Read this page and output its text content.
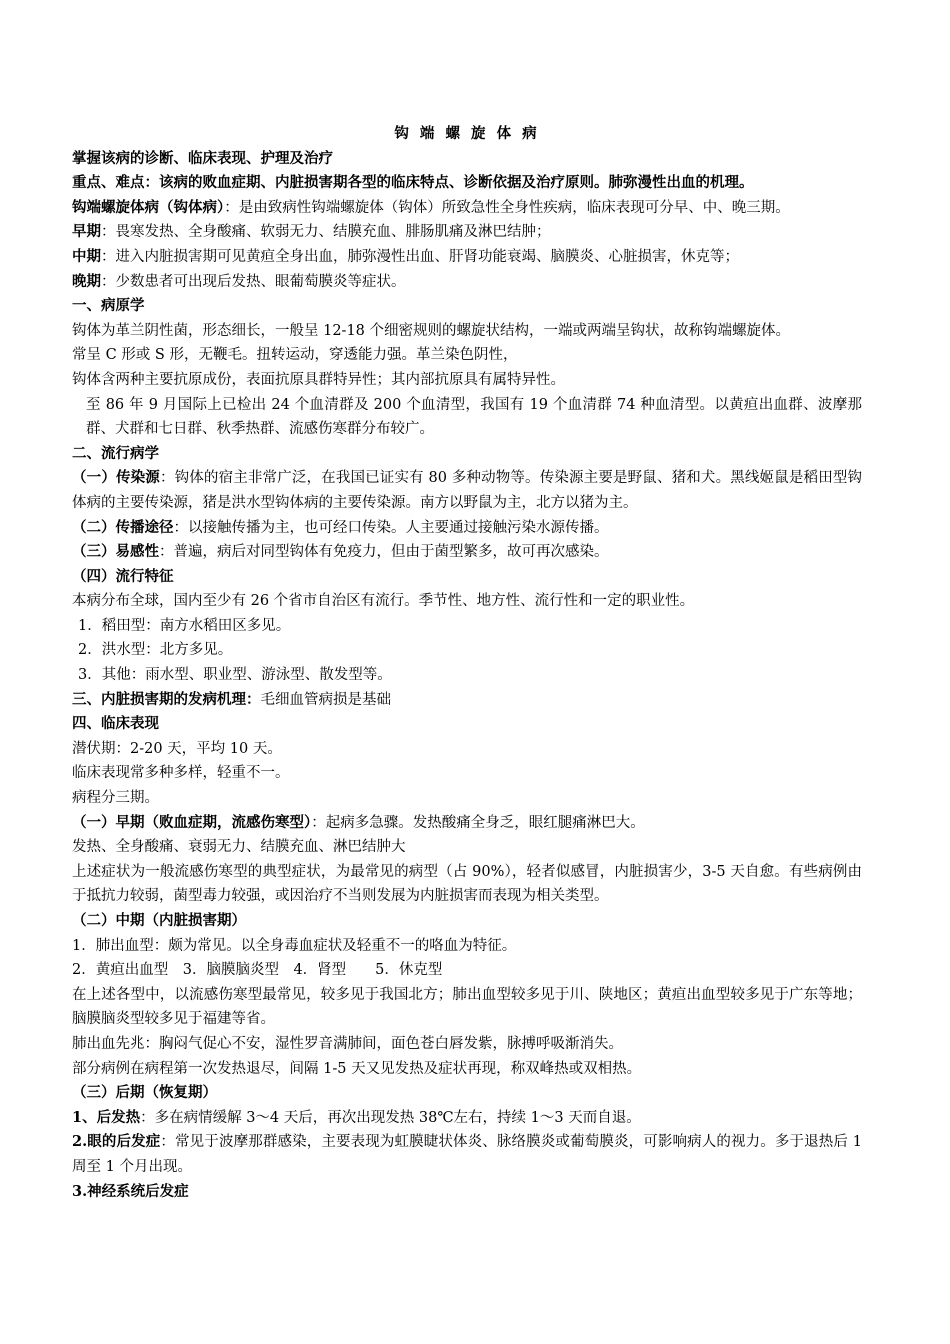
钩 端 螺 旋 体 病
掌握该病的诊断、临床表现、护理及治疗
重点、难点：该病的败血症期、内脏损害期各型的临床特点、诊断依据及治疗原则。肺弥漫性出血的机理。
钩端螺旋体病（钩体病）：是由致病性钩端螺旋体（钩体）所致急性全身性疾病，临床表现可分早、中、晚三期。
早期：畏寒发热、全身酸痛、软弱无力、结膜充血、腓肠肌痛及淋巴结肿；
中期：进入内脏损害期可见黄疸全身出血，肺弥漫性出血、肝肾功能衰竭、脑膜炎、心脏损害，休克等；
晚期：少数患者可出现后发热、眼葡萄膜炎等症状。
一、病原学
钩体为革兰阴性菌，形态细长，一般呈 12-18 个细密规则的螺旋状结构，一端或两端呈钩状，故称钩端螺旋体。
常呈 C 形或 S 形，无鞭毛。扭转运动，穿透能力强。革兰染色阴性，
钩体含两种主要抗原成份，表面抗原具群特异性；其内部抗原具有属特异性。
至 86 年 9 月国际上已检出 24 个血清群及 200 个血清型，我国有 19 个血清群 74 种血清型。以黄疸出血群、波摩那群、犬群和七日群、秋季热群、流感伤寒群分布较广。
二、流行病学
（一）传染源：钩体的宿主非常广泛，在我国已证实有 80 多种动物等。传染源主要是野鼠、猪和犬。黑线姬鼠是稻田型钩体病的主要传染源，猪是洪水型钩体病的主要传染源。南方以野鼠为主，北方以猪为主。
（二）传播途径：以接触传播为主，也可经口传染。人主要通过接触污染水源传播。
（三）易感性：普遍，病后对同型钩体有免疫力，但由于菌型繁多，故可再次感染。
（四）流行特征
本病分布全球，国内至少有 26 个省市自治区有流行。季节性、地方性、流行性和一定的职业性。
1．稻田型：南方水稻田区多见。
2．洪水型：北方多见。
3．其他：雨水型、职业型、游泳型、散发型等。
三、内脏损害期的发病机理：毛细血管病损是基础
四、临床表现
潜伏期：2-20 天，平均 10 天。
临床表现常多种多样，轻重不一。
病程分三期。
（一）早期（败血症期，流感伤寒型）：起病多急骤。发热酸痛全身乏，眼红腿痛淋巴大。
发热、全身酸痛、衰弱无力、结膜充血、淋巴结肿大
上述症状为一般流感伤寒型的典型症状，为最常见的病型（占 90%），轻者似感冒，内脏损害少，3-5 天自愈。有些病例由于抵抗力较弱，菌型毒力较强，或因治疗不当则发展为内脏损害而表现为相关类型。
（二）中期（内脏损害期）
1．肺出血型：颇为常见。以全身毒血症状及轻重不一的咯血为特征。
2．黄疸出血型　3．脑膜脑炎型　4．肾型　　5．休克型
在上述各型中，以流感伤寒型最常见，较多见于我国北方；肺出血型较多见于川、陕地区；黄疸出血型较多见于广东等地；脑膜脑炎型较多见于福建等省。
肺出血先兆：胸闷气促心不安，湿性罗音满肺间，面色苍白唇发紫，脉搏呼吸渐消失。
部分病例在病程第一次发热退尽，间隔 1-5 天又见发热及症状再现，称双峰热或双相热。
（三）后期（恢复期）
1、后发热：多在病情缓解 3～4 天后，再次出现发热 38℃左右，持续 1～3 天而自退。
2.眼的后发症：常见于波摩那群感染，主要表现为虹膜睫状体炎、脉络膜炎或葡萄膜炎，可影响病人的视力。多于退热后 1 周至 1 个月出现。
3.神经系统后发症
